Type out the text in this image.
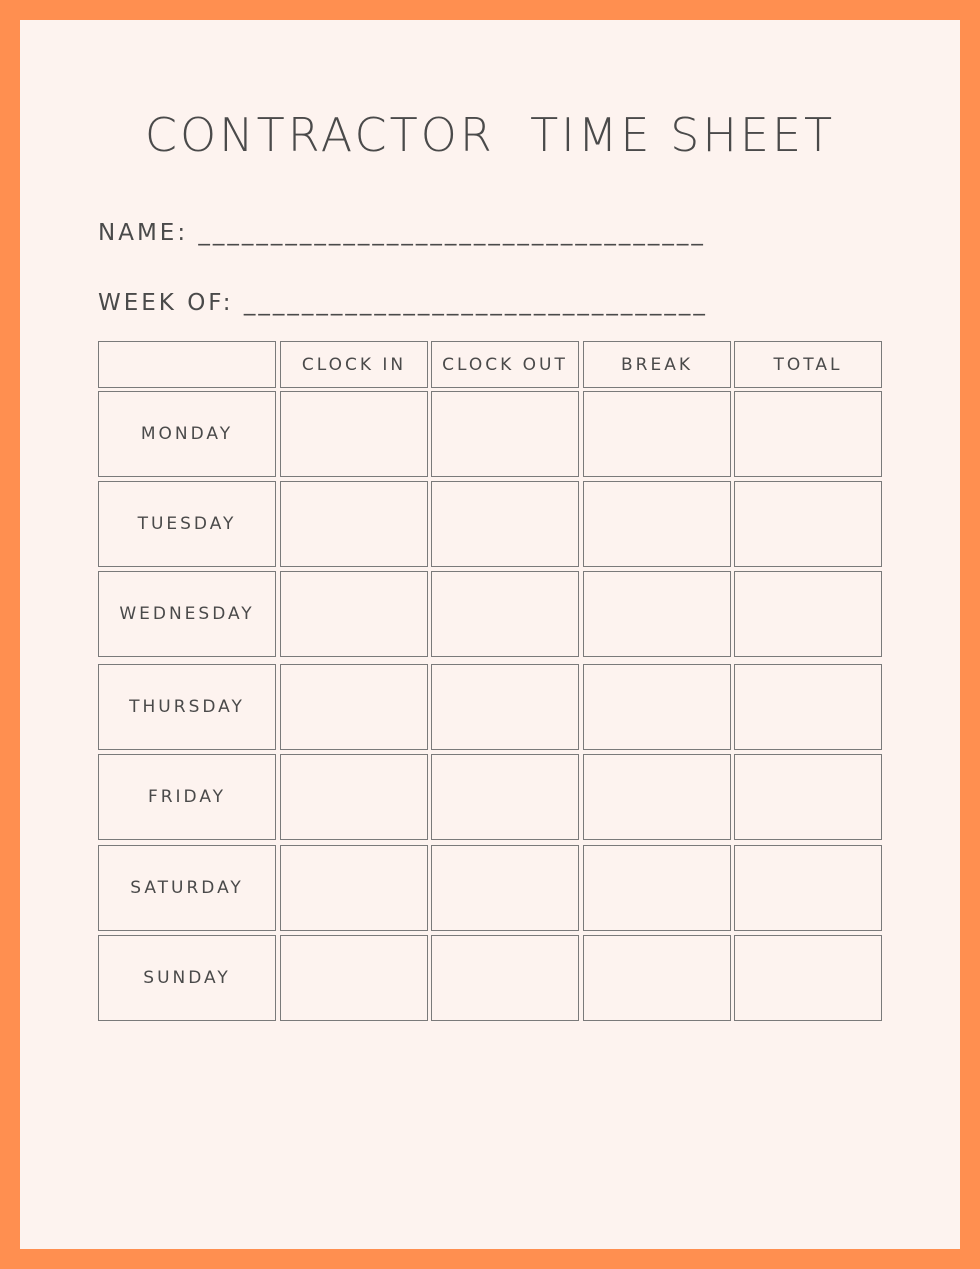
CONTRACTOR  TIME SHEET
NAME: ___________________________________
WEEK OF: ________________________________
CLOCK IN CLOCK OUT	BREAK	TOTAL
MONDAY
TUESDAY
WEDNESDAY
THURSDAY
FRIDAY
SATURDAY
SUNDAY
